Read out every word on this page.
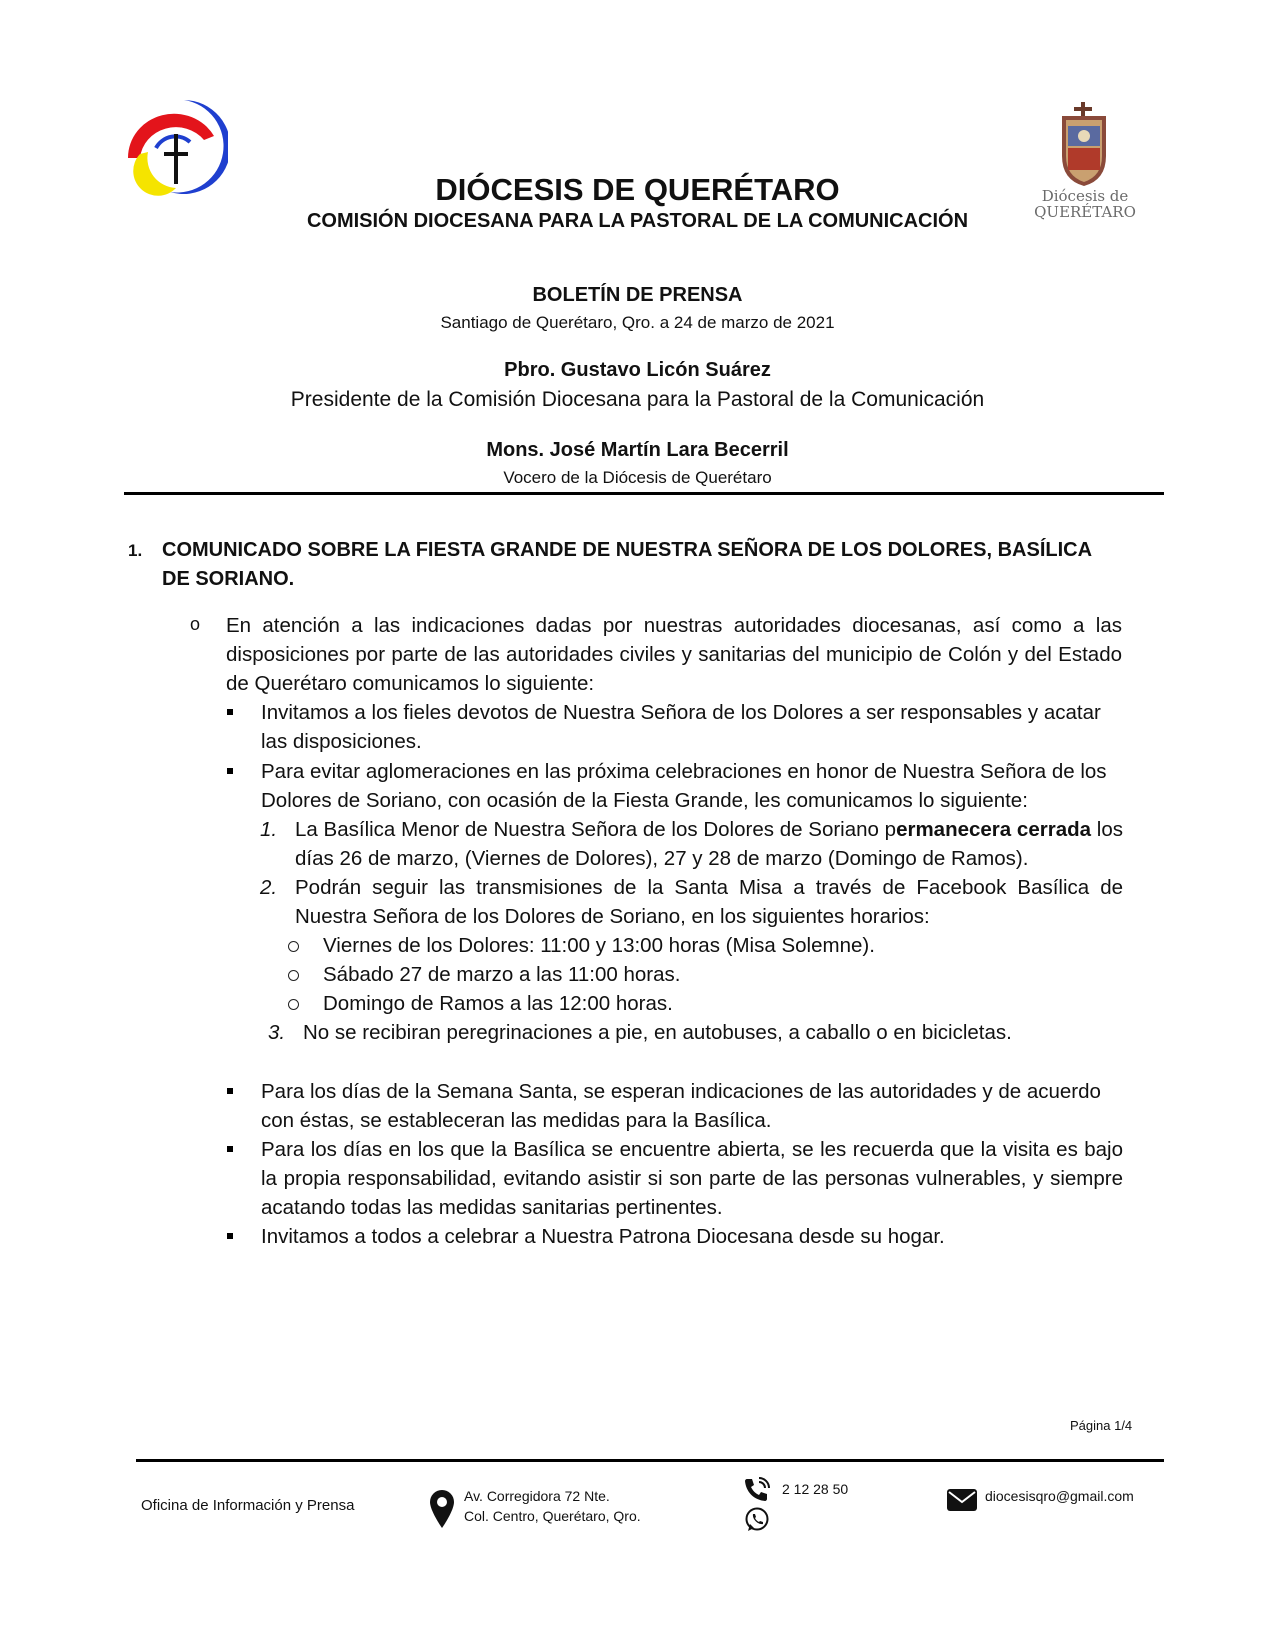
Diócesis de
QUERÉTARO
DIÓCESIS DE QUERÉTARO
COMISIÓN DIOCESANA PARA LA PASTORAL DE LA COMUNICACIÓN
BOLETÍN DE PRENSA
Santiago de Querétaro, Qro. a 24 de marzo de 2021
Pbro. Gustavo Licón Suárez
Presidente de la Comisión Diocesana para la Pastoral de la Comunicación
Mons. José Martín Lara Becerril
Vocero de la Diócesis de Querétaro
1. COMUNICADO SOBRE LA FIESTA GRANDE DE NUESTRA SEÑORA DE LOS DOLORES, BASÍLICA DE SORIANO.
o En atención a las indicaciones dadas por nuestras autoridades diocesanas, así como a las disposiciones por parte de las autoridades civiles y sanitarias del municipio de Colón y del Estado de Querétaro comunicamos lo siguiente:
Invitamos a los fieles devotos de Nuestra Señora de los Dolores a ser responsables y acatar las disposiciones.
Para evitar aglomeraciones en las próxima celebraciones en honor de Nuestra Señora de los Dolores de Soriano, con ocasión de la Fiesta Grande, les comunicamos lo siguiente:
1. La Basílica Menor de Nuestra Señora de los Dolores de Soriano permanecera cerrada los días 26 de marzo, (Viernes de Dolores), 27 y 28 de marzo (Domingo de Ramos).
2. Podrán seguir las transmisiones de la Santa Misa a través de Facebook Basílica de Nuestra Señora de los Dolores de Soriano, en los siguientes horarios:
Viernes de los Dolores: 11:00 y 13:00 horas (Misa Solemne).
Sábado 27 de marzo a las 11:00 horas.
Domingo de Ramos a las 12:00 horas.
3. No se recibiran peregrinaciones a pie, en autobuses, a caballo o en bicicletas.
Para los días de la Semana Santa, se esperan indicaciones de las autoridades y de acuerdo con éstas, se estableceran las medidas para la Basílica.
Para los días en los que la Basílica se encuentre abierta, se les recuerda que la visita es bajo la propia responsabilidad, evitando asistir si son parte de las personas vulnerables, y siempre acatando todas las medidas sanitarias pertinentes.
Invitamos a todos a celebrar a Nuestra Patrona Diocesana desde su hogar.
Página 1/4
Oficina de Información y Prensa
Av. Corregidora 72 Nte.
Col. Centro, Querétaro, Qro.
2 12 28 50	diocesisqro@gmail.com
